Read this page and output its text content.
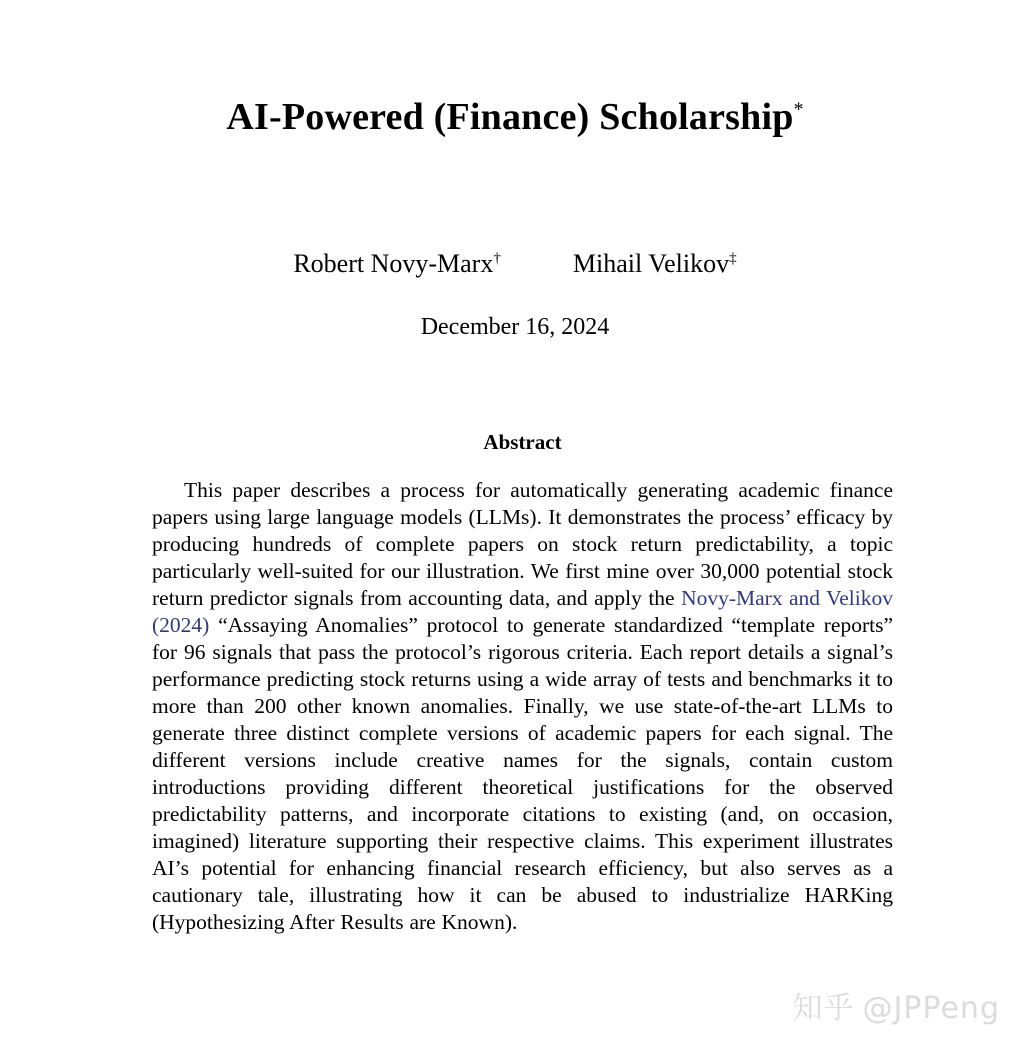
AI-Powered (Finance) Scholarship*
Robert Novy-Marx†	Mihail Velikov‡
December 16, 2024
Abstract

This paper describes a process for automatically generating academic finance papers using large language models (LLMs). It demonstrates the process’ efficacy by producing hundreds of complete papers on stock return predictability, a topic particularly well-suited for our illustration. We first mine over 30,000 potential stock return predictor signals from accounting data, and apply the Novy-Marx and Velikov (2024) “Assaying Anomalies” protocol to generate standardized “template reports” for 96 signals that pass the protocol’s rigorous criteria. Each report details a signal’s performance predicting stock returns using a wide array of tests and benchmarks it to more than 200 other known anomalies. Finally, we use state-of-the-art LLMs to generate three distinct complete versions of academic papers for each signal. The different versions include creative names for the signals, contain custom introductions providing different theoretical justifications for the observed predictability patterns, and incorporate citations to existing (and, on occasion, imagined) literature supporting their respective claims. This experiment illustrates AI’s potential for enhancing financial research efficiency, but also serves as a cautionary tale, illustrating how it can be abused to industrialize HARKing (Hypothesizing After Results are Known).

知乎 @JPPeng
